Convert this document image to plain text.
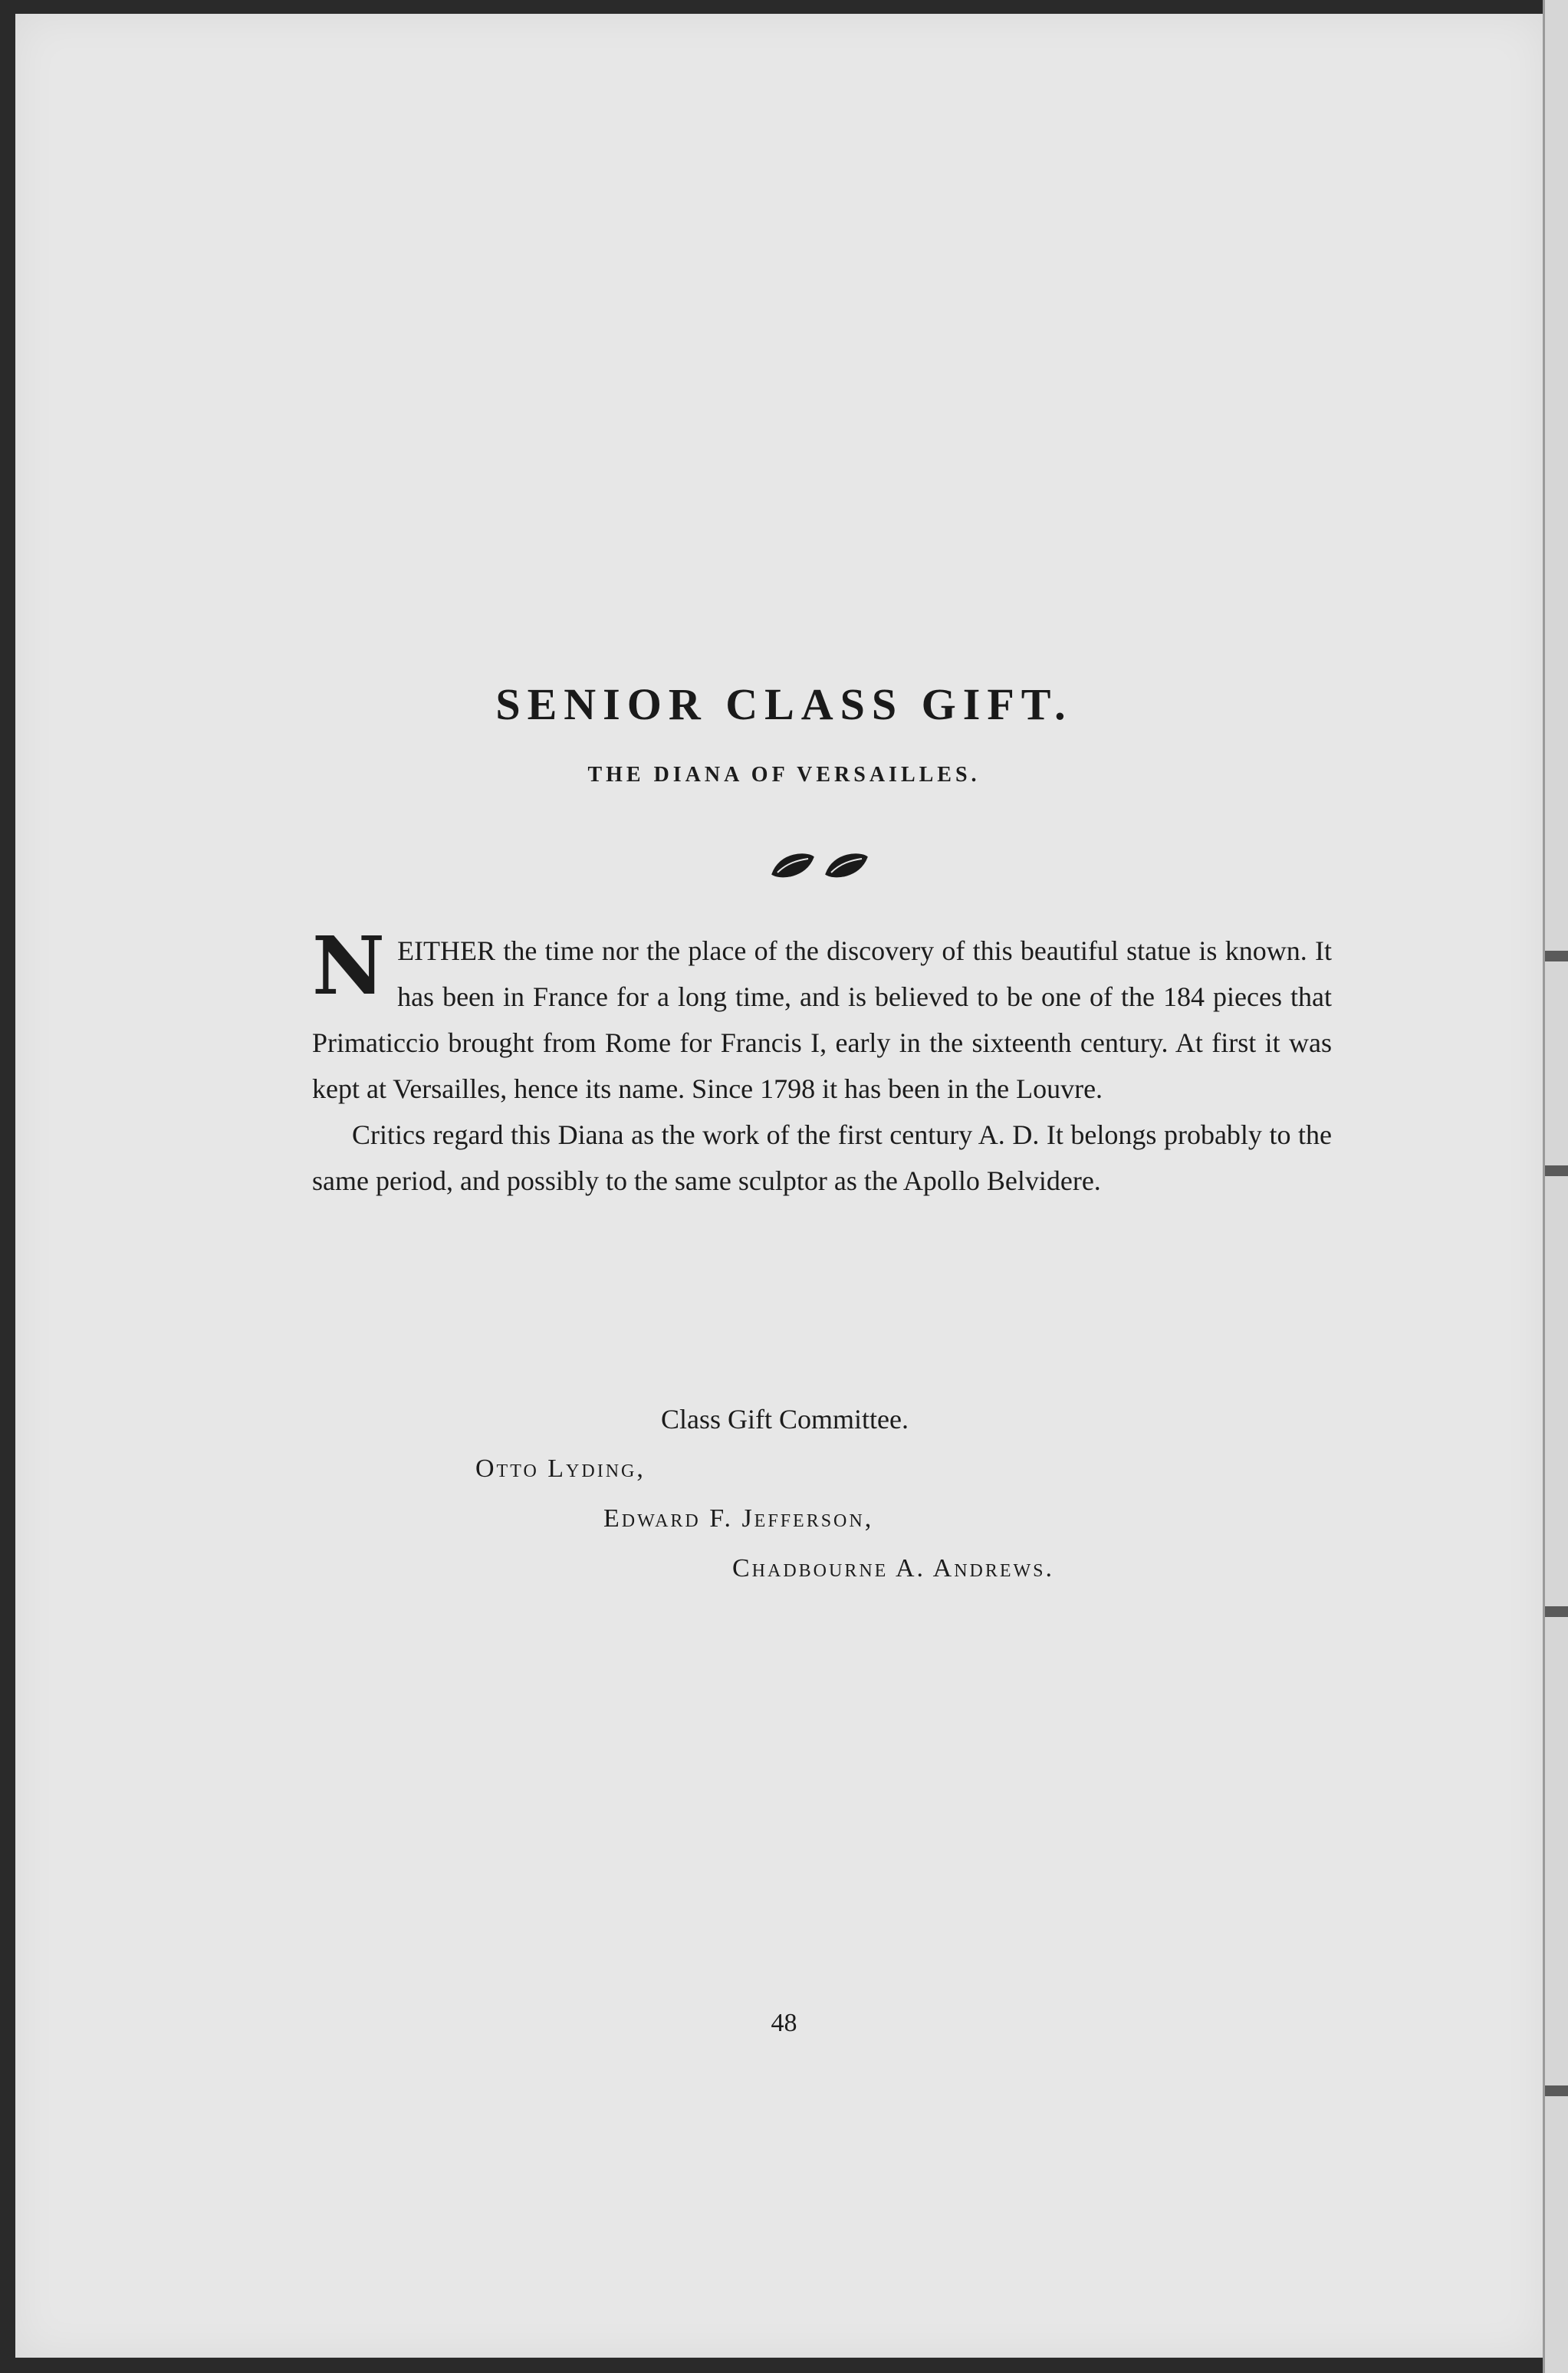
SENIOR CLASS GIFT.
THE DIANA OF VERSAILLES.

N EITHER the time nor the place of the discovery of this beautiful statue is known. It has been in France for a long time, and is believed to be one of the 184 pieces that Primaticcio brought from Rome for Francis I, early in the sixteenth century. At first it was kept at Versailles, hence its name. Since 1798 it has been in the Louvre.

Critics regard this Diana as the work of the first century A. D. It belongs probably to the same period, and possibly to the same sculptor as the Apollo Belvidere.

Class Gift Committee.
Otto Lyding,
Edward F. Jefferson,
Chadbourne A. Andrews.
48
